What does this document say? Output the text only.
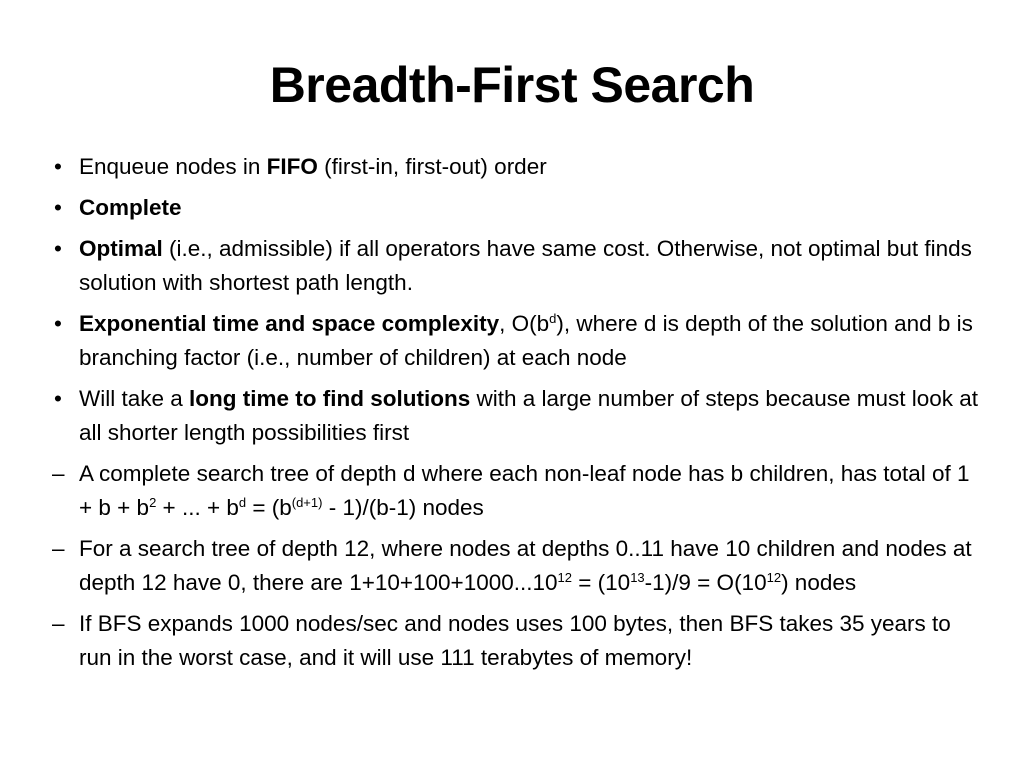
Breadth-First Search
• Enqueue nodes in FIFO (first-in, first-out) order
• Complete
• Optimal (i.e., admissible) if all operators have same cost. Otherwise, not optimal but finds solution with shortest path length.
• Exponential time and space complexity, $O(b^d)$, where d is depth of the solution and b is branching factor (i.e., number of children) at each node
• Will take a long time to find solutions with a large number of steps because must look at all shorter length possibilities first
– A complete search tree of depth d where each non-leaf node has b children, has total of $1 + b + b^2$ + ... + $b^d = (b^{(d+1)} - 1)/(b-1)$ nodes
– For a search tree of depth 12, where nodes at depths 0..11 have 10 children and nodes at depth 12 have 0, there are $1+10+100+1000...10^{12} = (10^{13}-1)/9 = O(10^{12})$ nodes
– If BFS expands 1000 nodes/sec and nodes uses 100 bytes, then BFS takes 35 years to run in the worst case, and it will use 111 terabytes of memory!
